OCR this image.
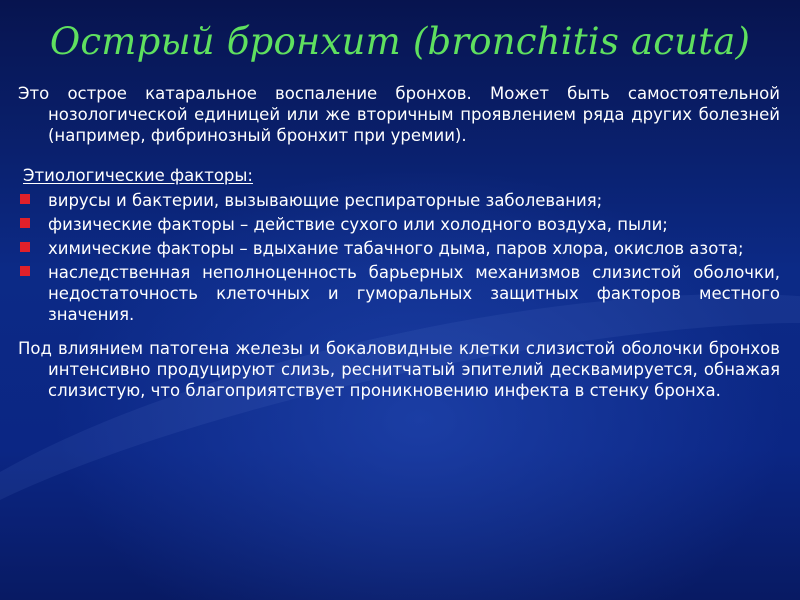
Острый бронхит (bronchitis acuta)

Это острое катаральное воспаление бронхов. Может быть самостоятельной нозологической единицей или же вторичным проявлением ряда других болезней (например, фибринозный бронхит при уремии).

Этиологические факторы:
вирусы и бактерии, вызывающие респираторные заболевания;
физические факторы – действие сухого или холодного воздуха, пыли;
химические факторы – вдыхание табачного дыма, паров хлора, окислов азота;
наследственная неполноценность барьерных механизмов слизистой оболочки, недостаточность клеточных и гуморальных защитных факторов местного значения.

Под влиянием патогена железы и бокаловидные клетки слизистой оболочки бронхов интенсивно продуцируют слизь, реснитчатый эпителий десквамируется, обнажая слизистую, что благоприятствует проникновению инфекта в стенку бронха.
